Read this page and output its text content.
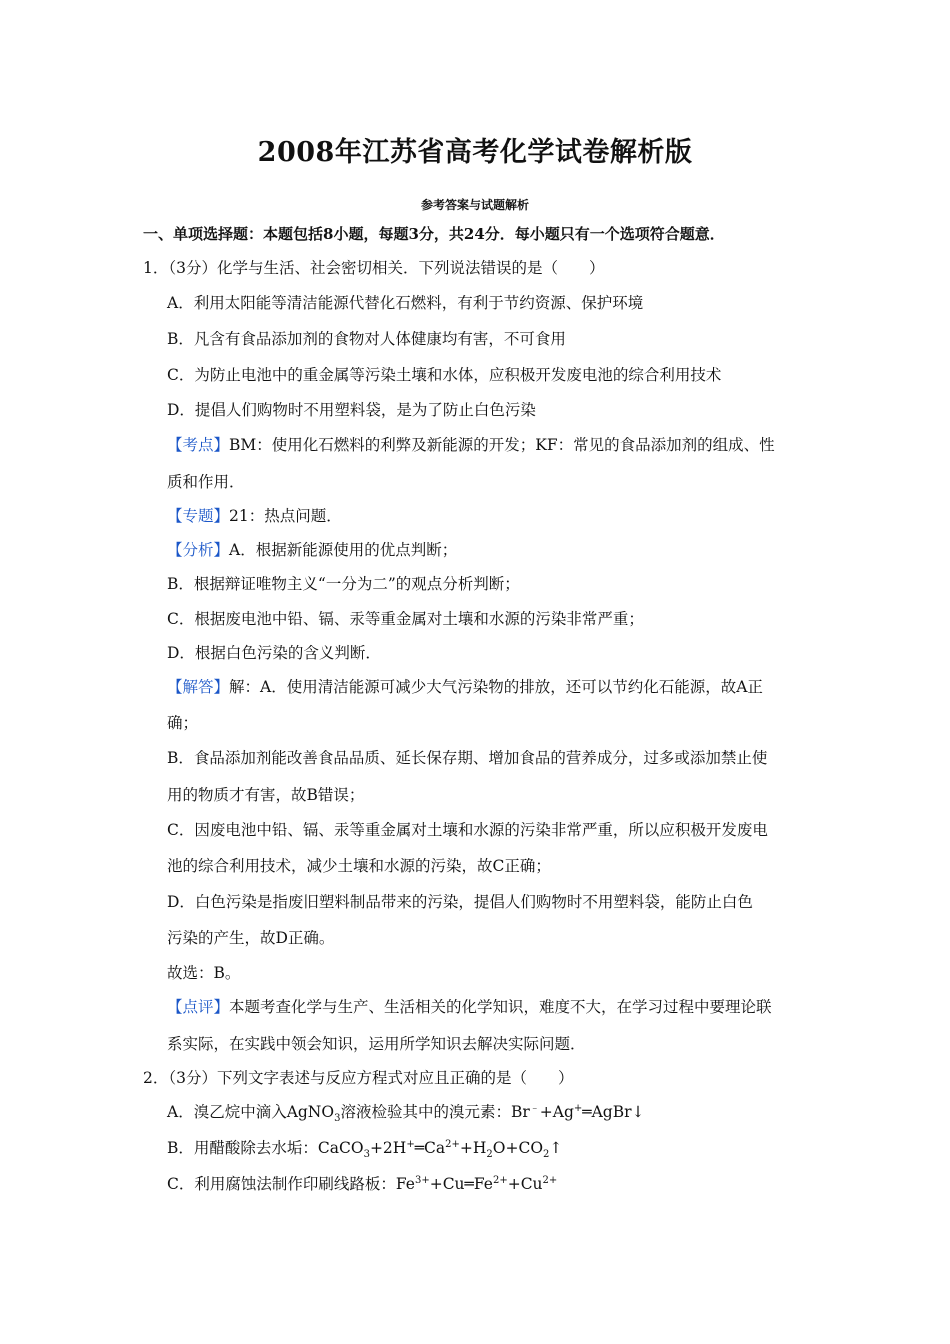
2008年江苏省高考化学试卷解析版
参考答案与试题解析
一、单项选择题：本题包括8小题，每题3分，共24分．每小题只有一个选项符合题意．
1．（3分）化学与生活、社会密切相关．下列说法错误的是（　　）
A．利用太阳能等清洁能源代替化石燃料，有利于节约资源、保护环境
B．凡含有食品添加剂的食物对人体健康均有害，不可食用
C．为防止电池中的重金属等污染土壤和水体，应积极开发废电池的综合利用技术
D．提倡人们购物时不用塑料袋，是为了防止白色污染
【考点】BM：使用化石燃料的利弊及新能源的开发；KF：常见的食品添加剂的组成、性
质和作用．
【专题】21：热点问题．
【分析】A．根据新能源使用的优点判断；
B．根据辩证唯物主义“一分为二”的观点分析判断；
C．根据废电池中铅、镉、汞等重金属对土壤和水源的污染非常严重；
D．根据白色污染的含义判断．
【解答】解：A．使用清洁能源可减少大气污染物的排放，还可以节约化石能源，故A正
确；
B．食品添加剂能改善食品品质、延长保存期、增加食品的营养成分，过多或添加禁止使
用的物质才有害，故B错误；
C．因废电池中铅、镉、汞等重金属对土壤和水源的污染非常严重，所以应积极开发废电
池的综合利用技术，减少土壤和水源的污染，故C正确；
D．白色污染是指废旧塑料制品带来的污染，提倡人们购物时不用塑料袋，能防止白色
污染的产生，故D正确。
故选：B。
【点评】本题考查化学与生产、生活相关的化学知识，难度不大，在学习过程中要理论联
系实际，在实践中领会知识，运用所学知识去解决实际问题．
2．（3分）下列文字表述与反应方程式对应且正确的是（　　）
A．溴乙烷中滴入AgNO$_3$溶液检验其中的溴元素：Br﹣+Ag+═AgBr↓
B．用醋酸除去水垢：$CaCO_3+2H^+═Ca^{2+}+H_2O+CO_2↑$
C．利用腐蚀法制作印刷线路板：$Fe^{3+}+Cu═Fe^{2+}+Cu^{2+}$
